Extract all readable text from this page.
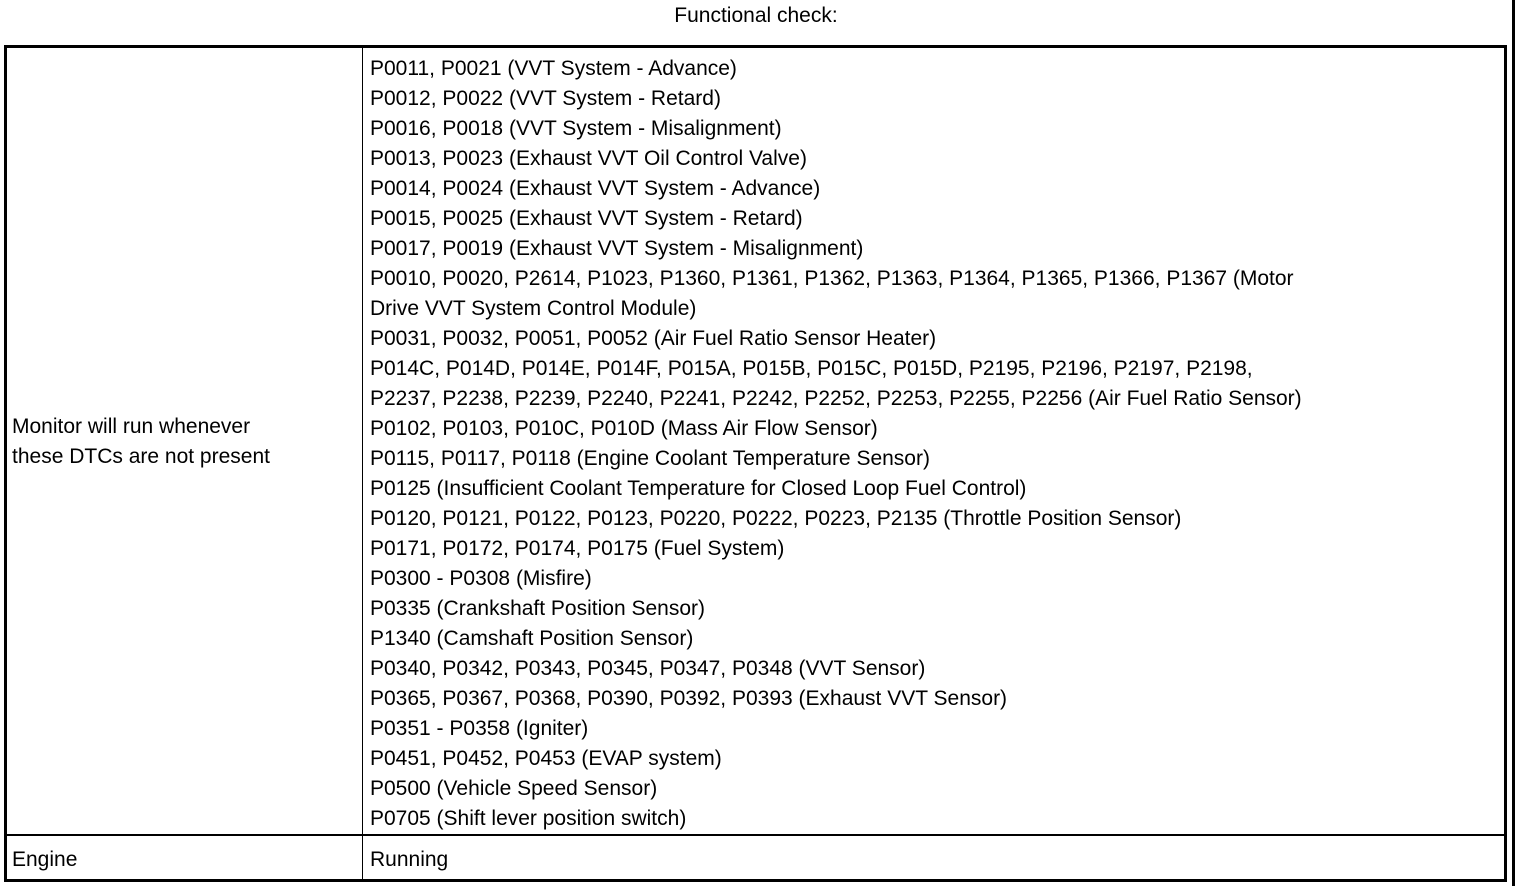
Functional check:
Monitor will run whenever
these DTCs are not present
P0011, P0021 (VVT System - Advance)
P0012, P0022 (VVT System - Retard)
P0016, P0018 (VVT System - Misalignment)
P0013, P0023 (Exhaust VVT Oil Control Valve)
P0014, P0024 (Exhaust VVT System - Advance)
P0015, P0025 (Exhaust VVT System - Retard)
P0017, P0019 (Exhaust VVT System - Misalignment)
P0010, P0020, P2614, P1023, P1360, P1361, P1362, P1363, P1364, P1365, P1366, P1367 (Motor
Drive VVT System Control Module)
P0031, P0032, P0051, P0052 (Air Fuel Ratio Sensor Heater)
P014C, P014D, P014E, P014F, P015A, P015B, P015C, P015D, P2195, P2196, P2197, P2198,
P2237, P2238, P2239, P2240, P2241, P2242, P2252, P2253, P2255, P2256 (Air Fuel Ratio Sensor)
P0102, P0103, P010C, P010D (Mass Air Flow Sensor)
P0115, P0117, P0118 (Engine Coolant Temperature Sensor)
P0125 (Insufficient Coolant Temperature for Closed Loop Fuel Control)
P0120, P0121, P0122, P0123, P0220, P0222, P0223, P2135 (Throttle Position Sensor)
P0171, P0172, P0174, P0175 (Fuel System)
P0300 - P0308 (Misfire)
P0335 (Crankshaft Position Sensor)
P1340 (Camshaft Position Sensor)
P0340, P0342, P0343, P0345, P0347, P0348 (VVT Sensor)
P0365, P0367, P0368, P0390, P0392, P0393 (Exhaust VVT Sensor)
P0351 - P0358 (Igniter)
P0451, P0452, P0453 (EVAP system)
P0500 (Vehicle Speed Sensor)
P0705 (Shift lever position switch)
Engine	Running
